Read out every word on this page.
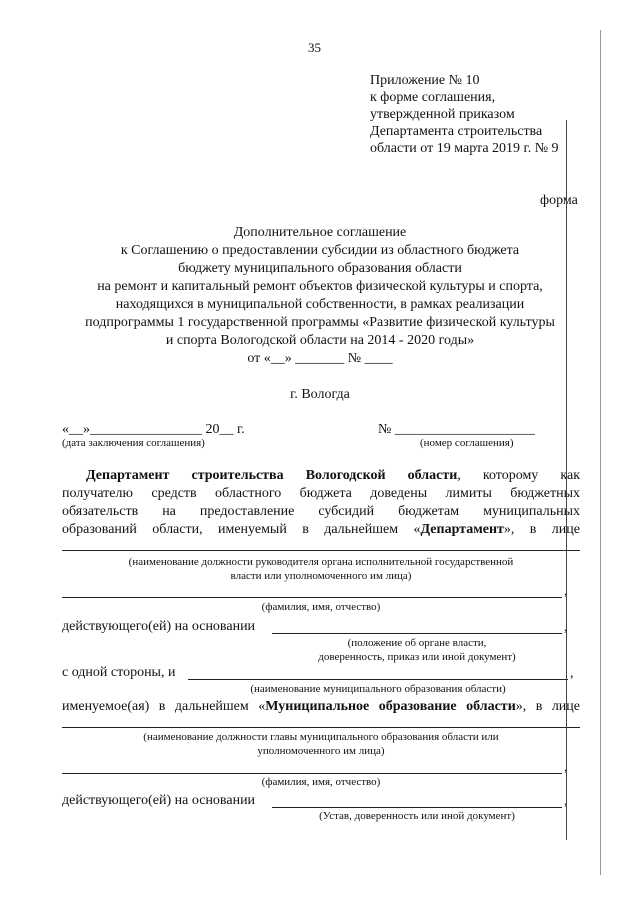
35
Приложение № 10
к форме соглашения,
утвержденной приказом
Департамента строительства
области от 19 марта 2019 г. № 9
форма
Дополнительное соглашение
к Соглашению о предоставлении субсидии из областного бюджета
бюджету муниципального образования области
на ремонт и капитальный ремонт объектов физической культуры и спорта,
находящихся в муниципальной собственности, в рамках реализации
подпрограммы 1 государственной программы «Развитие физической культуры
и спорта Вологодской области на 2014 - 2020 годы»
от «__» _______ № ____
г. Вологда
«__»________________ 20__ г.
(дата заключения соглашения)
№ ____________________
(номер соглашения)
Департамент строительства Вологодской области, которому как
получателю средств областного бюджета доведены лимиты бюджетных
обязательств на предоставление субсидий бюджетам муниципальных
образований области, именуемый в дальнейшем «Департамент», в лице
(наименование должности руководителя органа исполнительной государственной
власти или уполномоченного им лица)
,
(фамилия, имя, отчество)
действующего(ей) на основании	,
(положение об органе власти,
доверенность, приказ или иной документ)
с одной стороны, и	,
(наименование муниципального образования области)
именуемое(ая) в дальнейшем «Муниципальное образование области», в лице
(наименование должности главы муниципального образования области или
уполномоченного им лица)
,
(фамилия, имя, отчество)
действующего(ей) на основании	,
(Устав, доверенность или иной документ)
